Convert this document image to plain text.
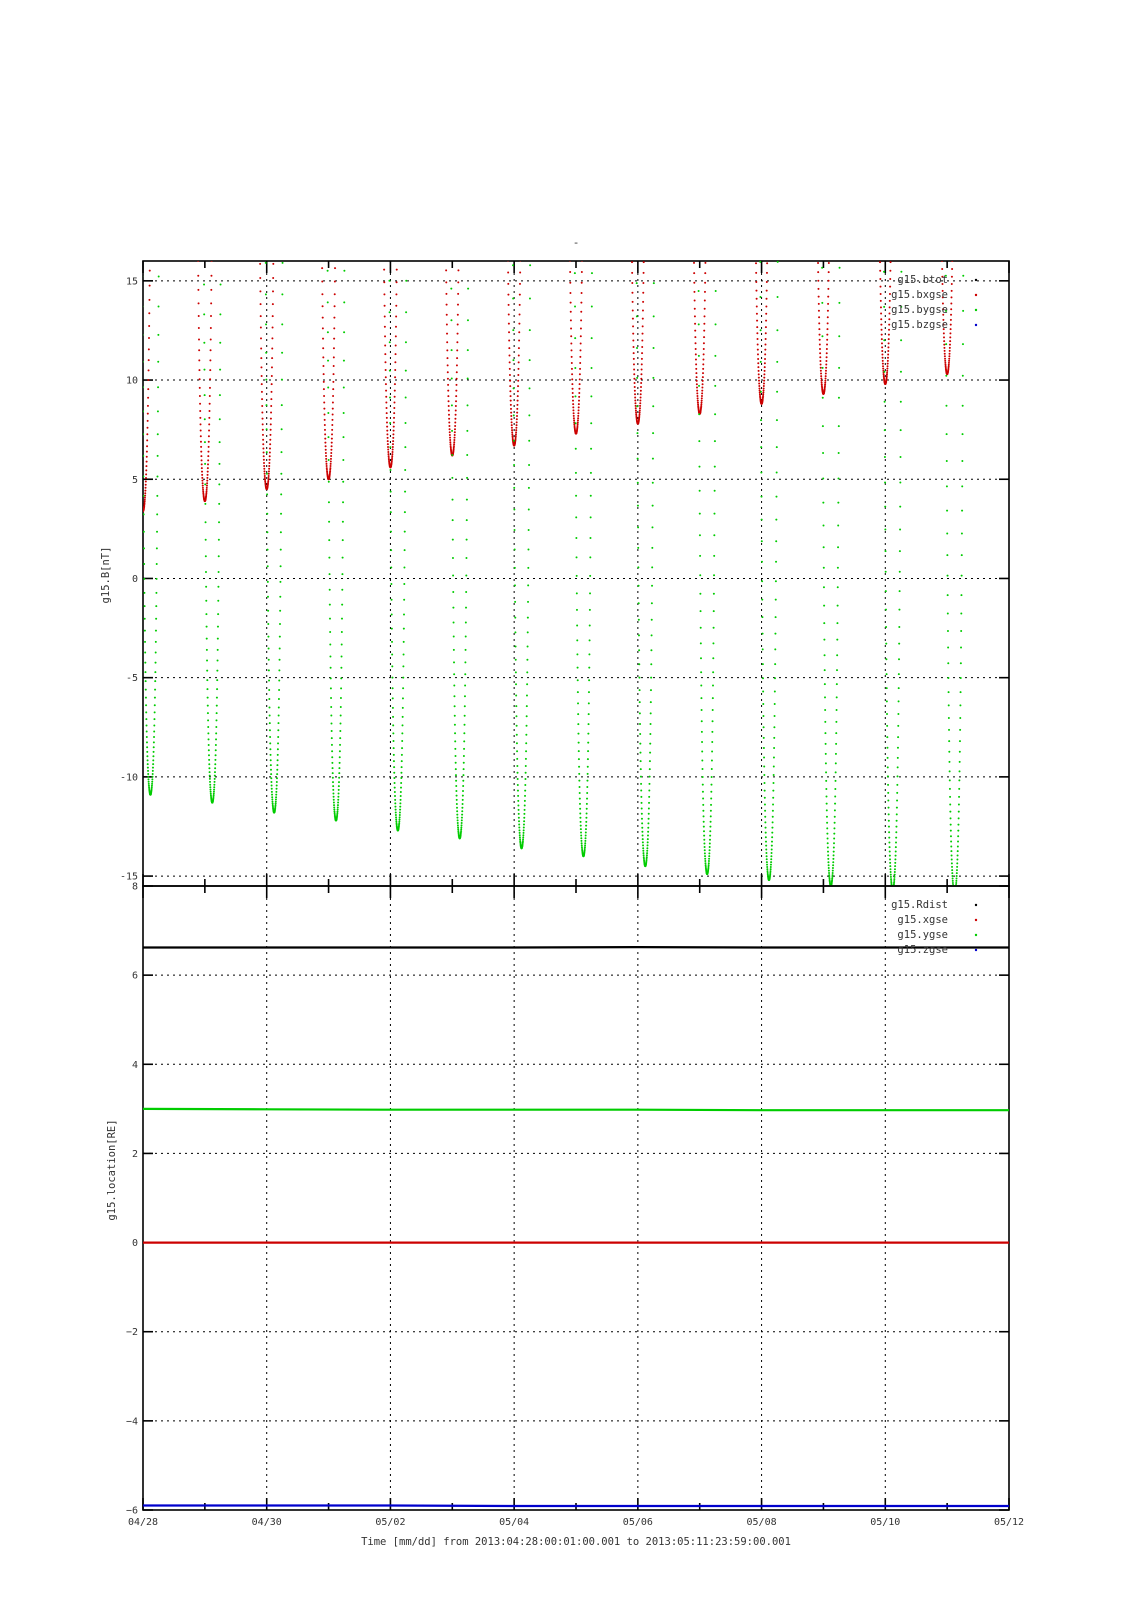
-
15
10
5
0
-5
-10
-15
g15.btot
g15.bxgse
g15.bygse
g15.bzgse
8
6
4
2
0
−2
−4
−6
g15.Rdist
g15.xgse
g15.ygse
g15.zgse
04/28	04/30	05/02	05/04	05/06	05/08	05/10	05/12
Time [mm/dd] from 2013:04:28:00:01:00.001 to 2013:05:11:23:59:00.001
g15.B[nT]
g15.location[RE]
